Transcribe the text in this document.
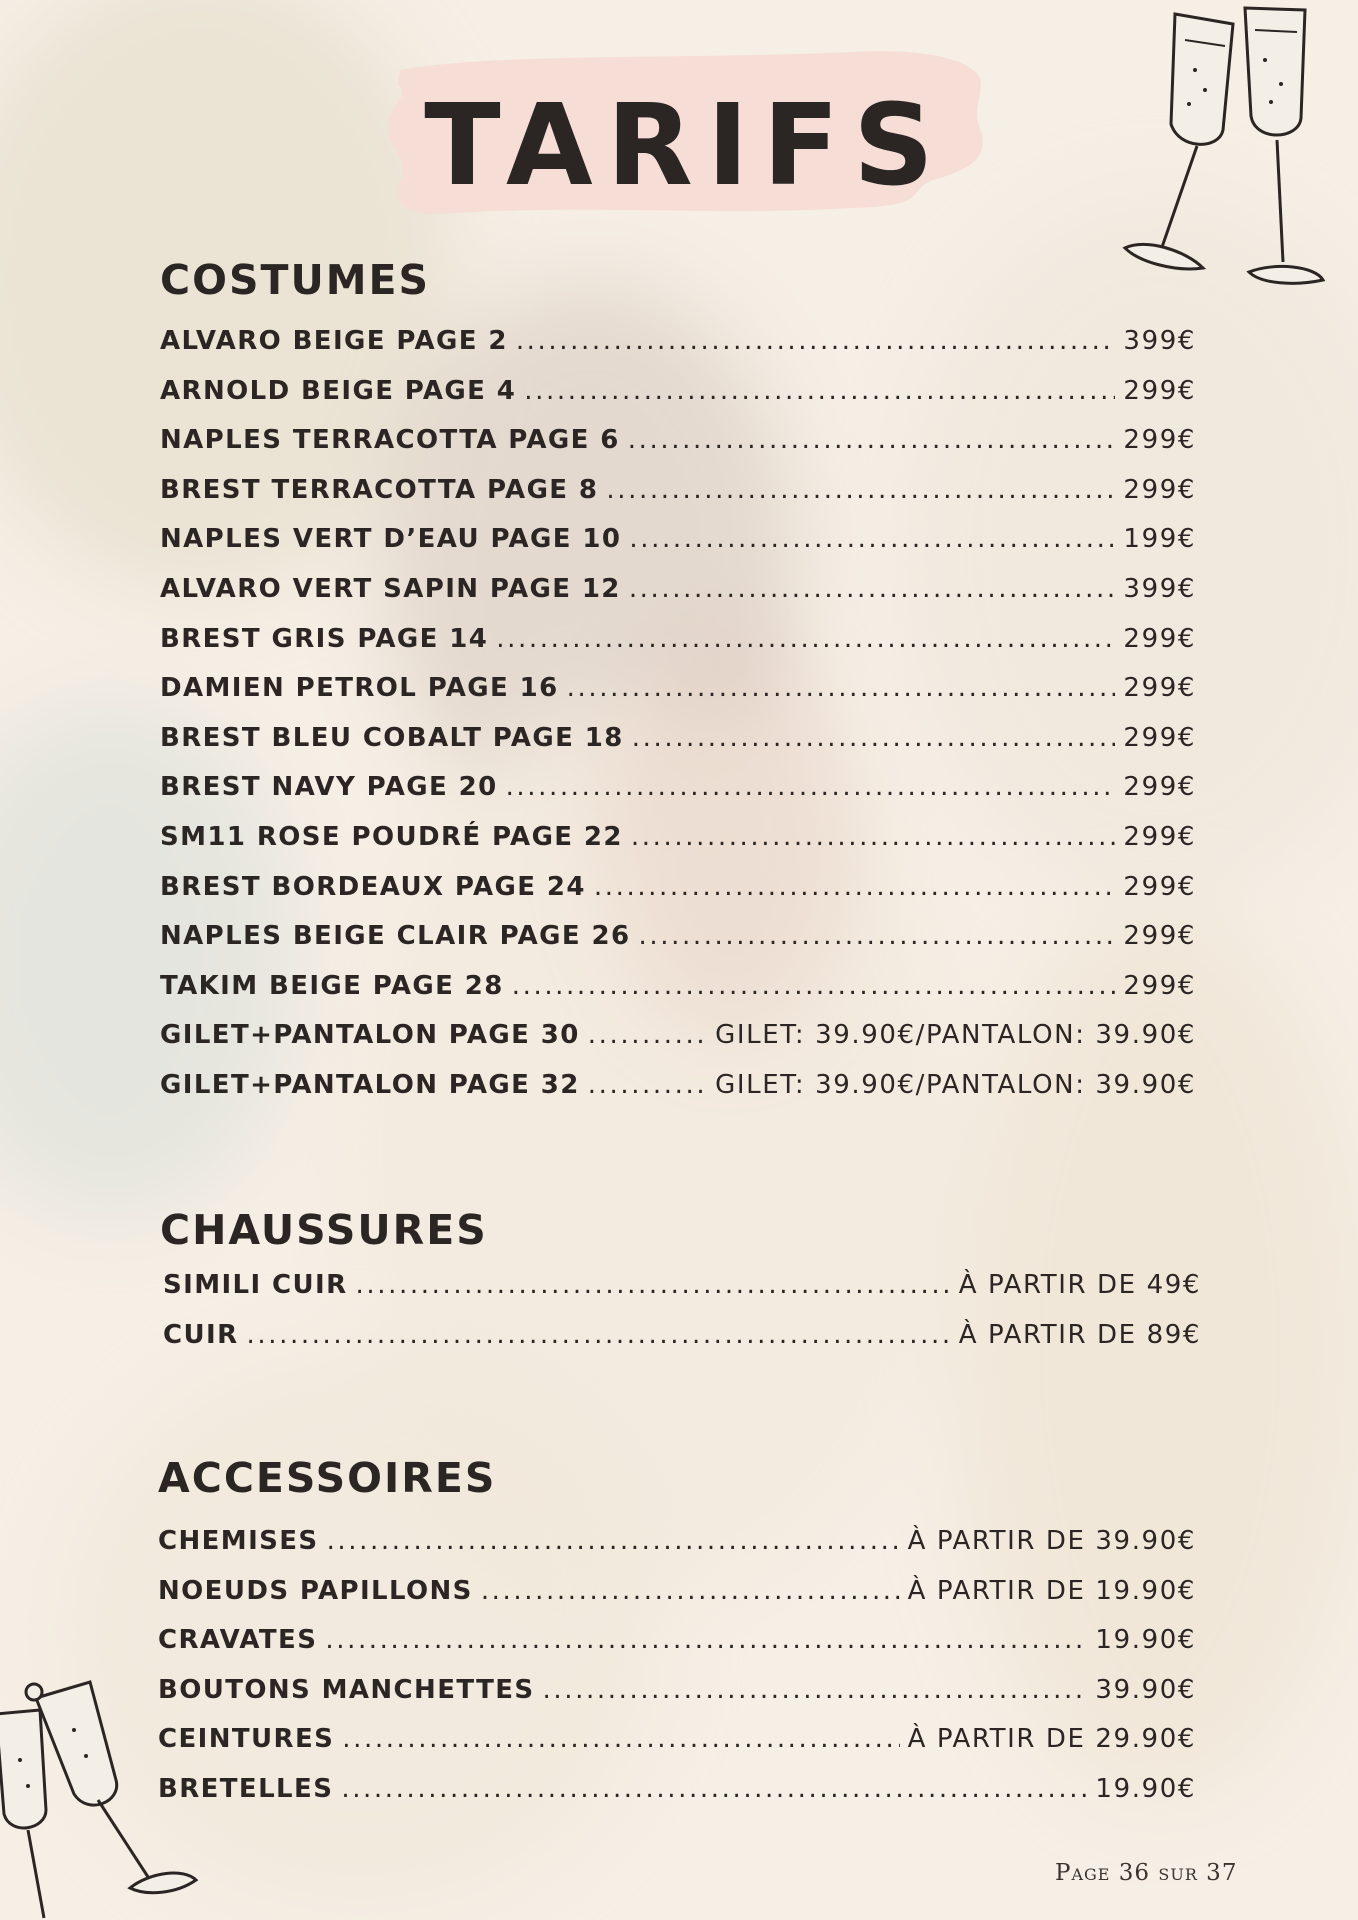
TARIFS
COSTUMES
ALVARO BEIGE PAGE 2 .....	399€
ARNOLD BEIGE PAGE 4 .....	299€
NAPLES TERRACOTTA PAGE 6 .....	299€
BREST TERRACOTTA PAGE 8 .....	299€
NAPLES VERT D’EAU PAGE 10 .....	199€
ALVARO VERT SAPIN PAGE 12 .....	399€
BREST GRIS PAGE 14 .....	299€
DAMIEN PETROL PAGE 16 .....	299€
BREST BLEU COBALT PAGE 18 .....	299€
BREST NAVY PAGE 20 .....	299€
SM11 ROSE POUDRÉ PAGE 22 .....	299€
BREST BORDEAUX PAGE 24 .....	299€
NAPLES BEIGE CLAIR PAGE 26 .....	299€
TAKIM BEIGE PAGE 28 .....	299€
GILET+PANTALON PAGE 30 .....	GILET: 39.90€/PANTALON: 39.90€
GILET+PANTALON PAGE 32 .....	GILET: 39.90€/PANTALON: 39.90€
CHAUSSURES
SIMILI CUIR .....	À PARTIR DE 49€
CUIR .....	À PARTIR DE 89€
ACCESSOIRES
CHEMISES .....	À PARTIR DE 39.90€
NOEUDS PAPILLONS .....	À PARTIR DE 19.90€
CRAVATES .....	19.90€
BOUTONS MANCHETTES .....	39.90€
CEINTURES .....	À PARTIR DE 29.90€
BRETELLES .....	19.90€
Page 36 sur 37
